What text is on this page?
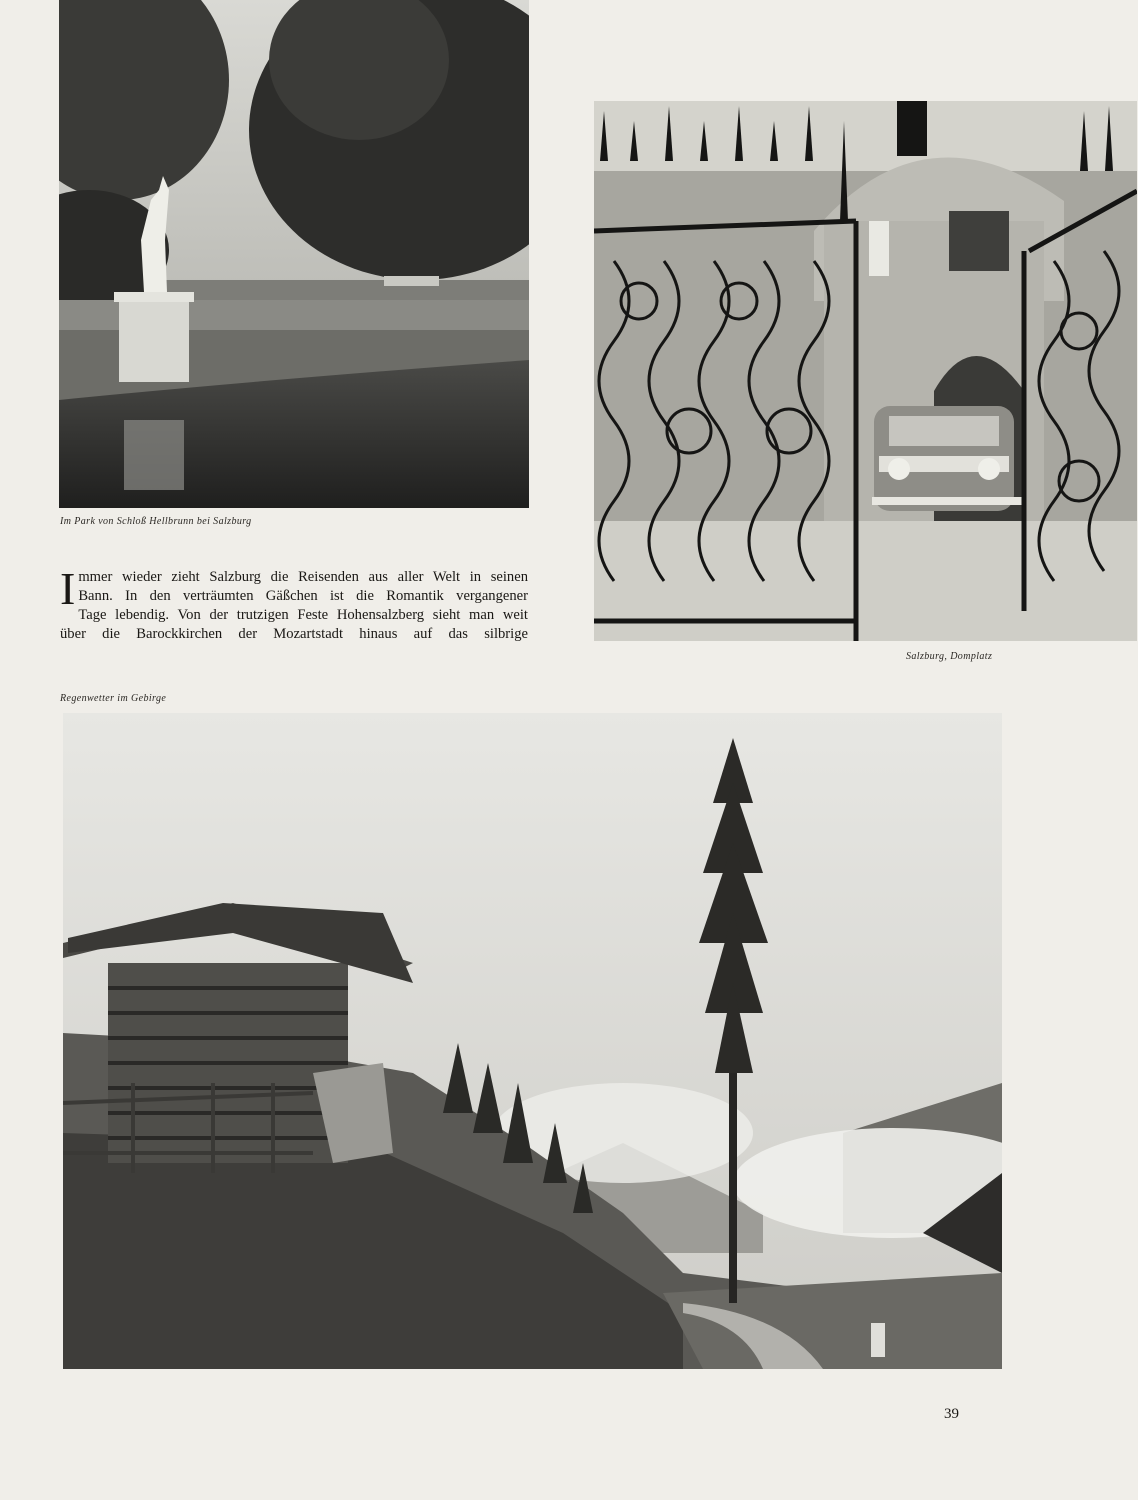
Im Park von Schloß Hellbrunn bei Salzburg
Salzburg, Domplatz
I mmer wieder zieht Salzburg die Reisenden aus aller Welt in seinen
Bann. In den verträumten Gäßchen ist die Romantik vergangener
Tage lebendig. Von der trutzigen Feste Hohensalzberg sieht man weit
über die Barockkirchen der Mozartstadt hinaus auf das silbrige
Regenwetter im Gebirge
39
